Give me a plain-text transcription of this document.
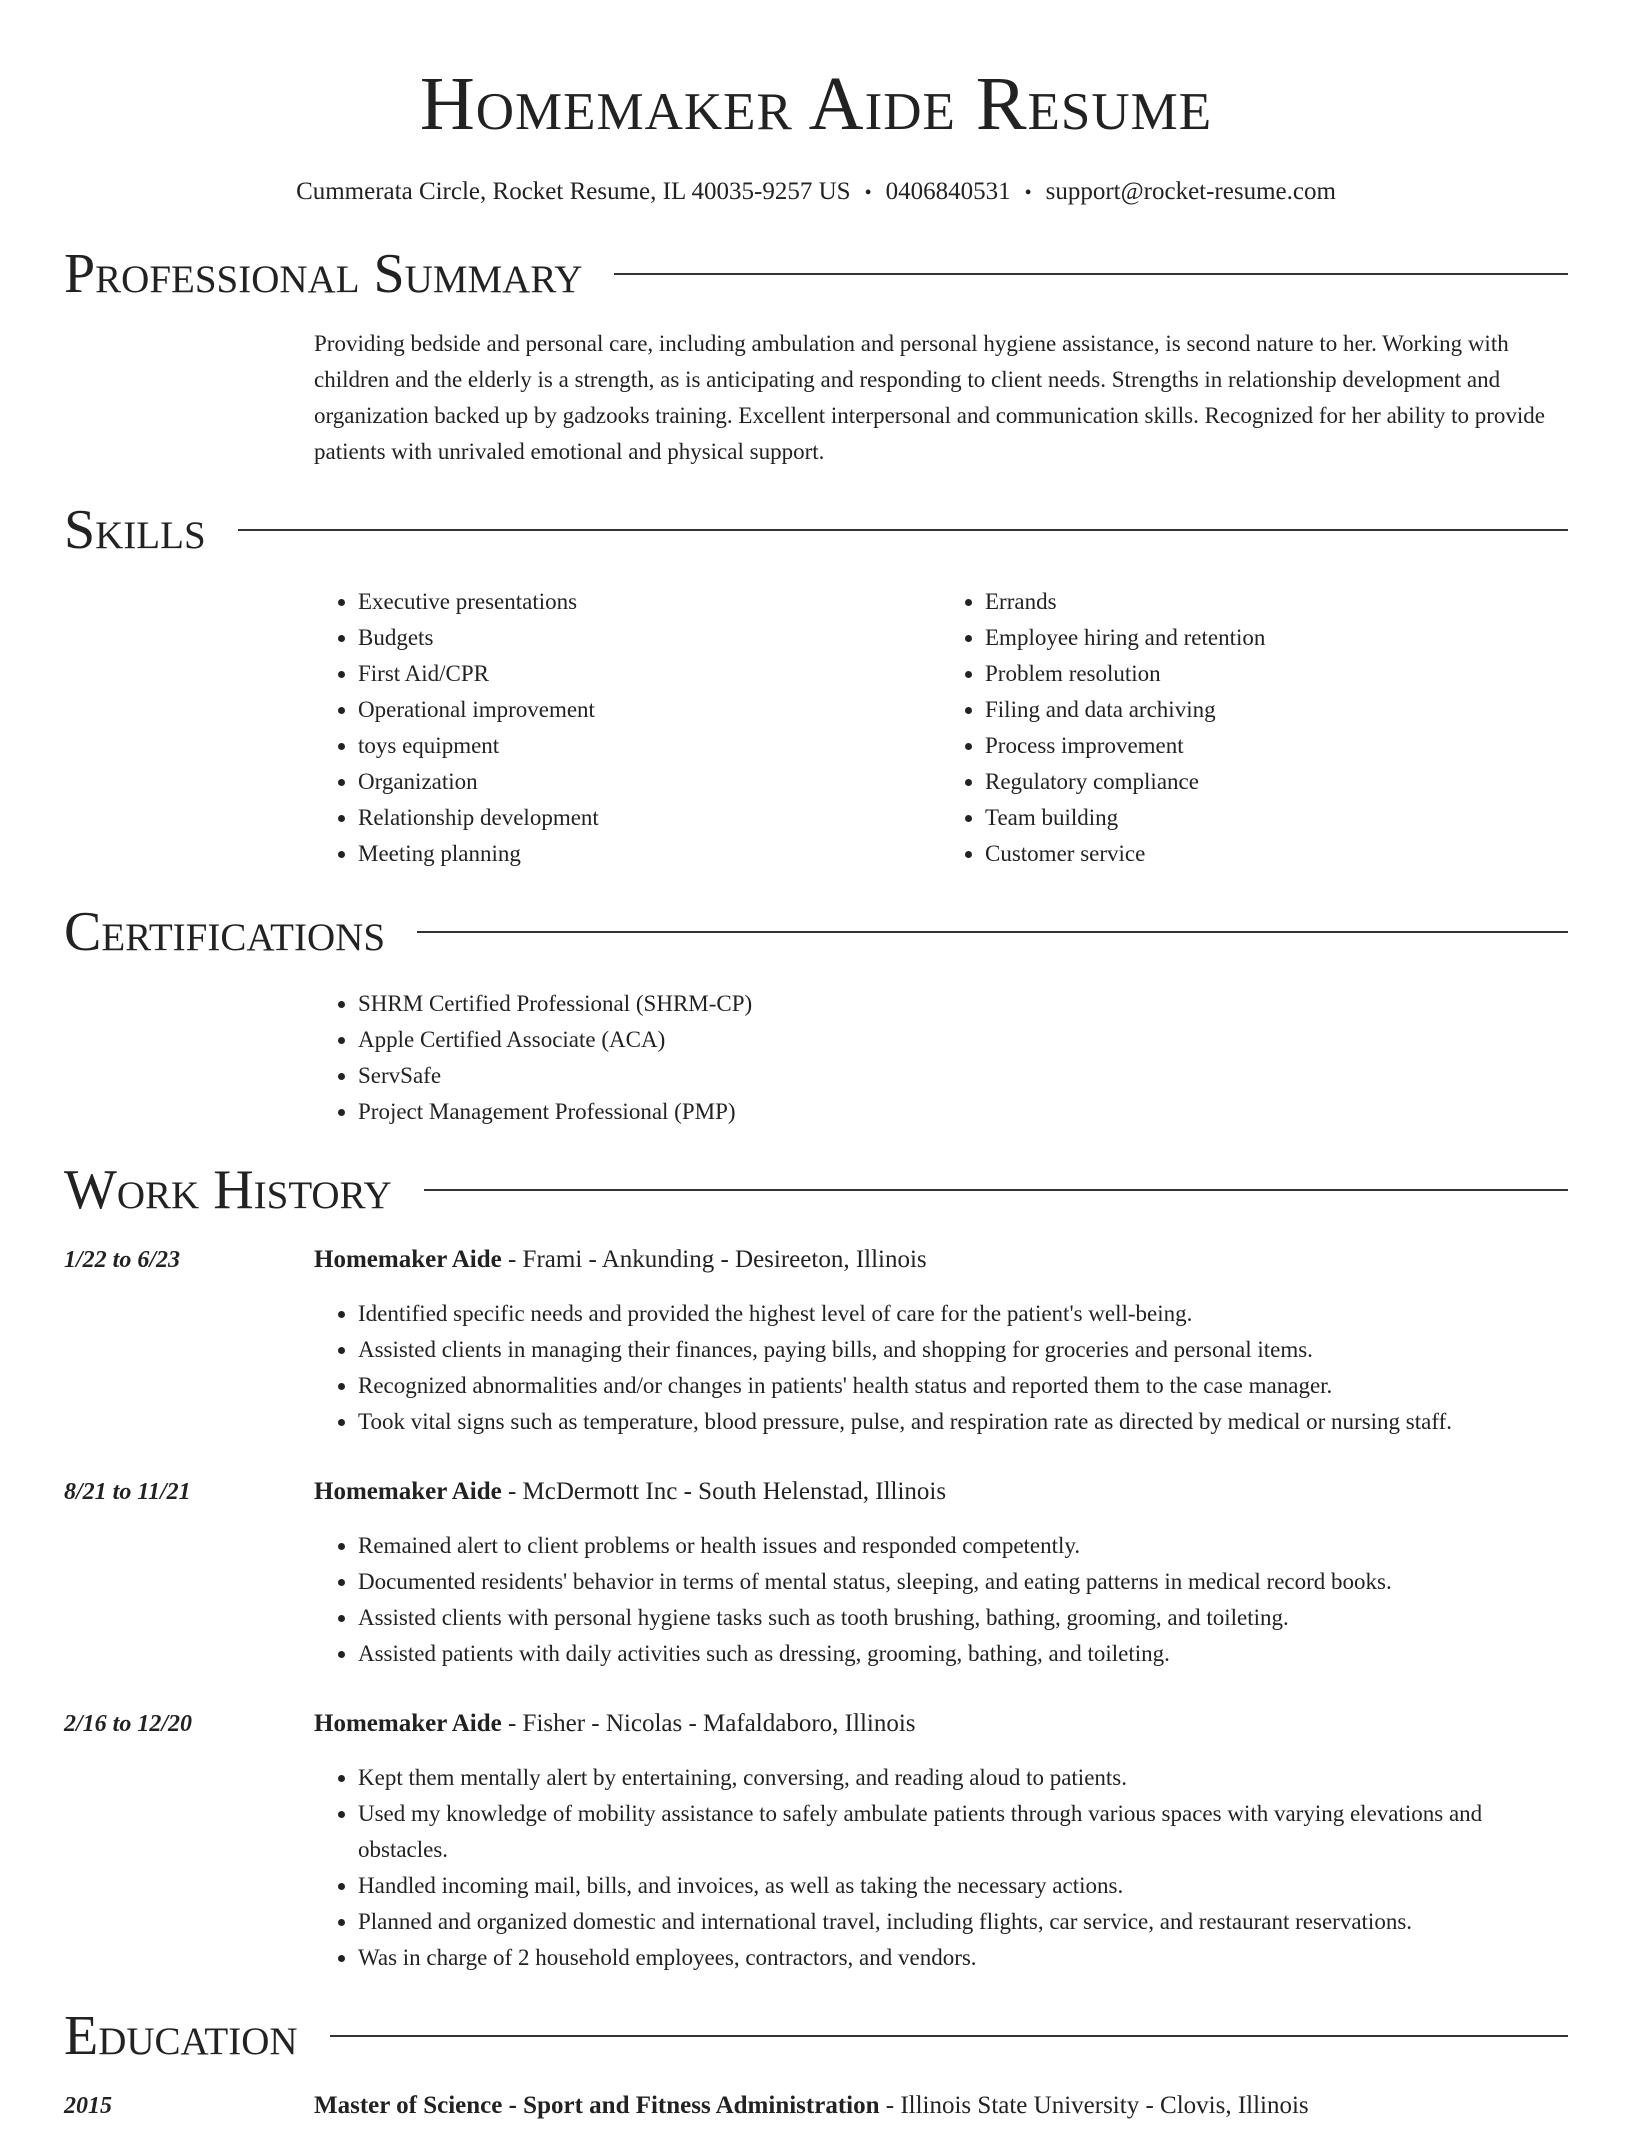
Homemaker Aide Resume
Cummerata Circle, Rocket Resume, IL 40035-9257 US • 0406840531 • support@rocket-resume.com
Professional Summary

Providing bedside and personal care, including ambulation and personal hygiene assistance, is second nature to her. Working with children and the elderly is a strength, as is anticipating and responding to client needs. Strengths in relationship development and organization backed up by gadzooks training. Excellent interpersonal and communication skills. Recognized for her ability to provide patients with unrivaled emotional and physical support.

Skills
• Executive presentations
• Budgets
• First Aid/CPR
• Operational improvement
• toys equipment
• Organization
• Relationship development
• Meeting planning
• Errands
• Employee hiring and retention
• Problem resolution
• Filing and data archiving
• Process improvement
• Regulatory compliance
• Team building
• Customer service
Certifications
• SHRM Certified Professional (SHRM-CP)
• Apple Certified Associate (ACA)
• ServSafe
• Project Management Professional (PMP)
Work History
1/22 to 6/23	Homemaker Aide - Frami - Ankunding - Desireeton, Illinois
• Identified specific needs and provided the highest level of care for the patient's well-being.
• Assisted clients in managing their finances, paying bills, and shopping for groceries and personal items.
• Recognized abnormalities and/or changes in patients' health status and reported them to the case manager.
• Took vital signs such as temperature, blood pressure, pulse, and respiration rate as directed by medical or nursing staff.
8/21 to 11/21	Homemaker Aide - McDermott Inc - South Helenstad, Illinois
• Remained alert to client problems or health issues and responded competently.
• Documented residents' behavior in terms of mental status, sleeping, and eating patterns in medical record books.
• Assisted clients with personal hygiene tasks such as tooth brushing, bathing, grooming, and toileting.
• Assisted patients with daily activities such as dressing, grooming, bathing, and toileting.
2/16 to 12/20	Homemaker Aide - Fisher - Nicolas - Mafaldaboro, Illinois
• Kept them mentally alert by entertaining, conversing, and reading aloud to patients.
• Used my knowledge of mobility assistance to safely ambulate patients through various spaces with varying elevations and obstacles.
• Handled incoming mail, bills, and invoices, as well as taking the necessary actions.
• Planned and organized domestic and international travel, including flights, car service, and restaurant reservations.
• Was in charge of 2 household employees, contractors, and vendors.
Education
2015	Master of Science - Sport and Fitness Administration - Illinois State University - Clovis, Illinois
